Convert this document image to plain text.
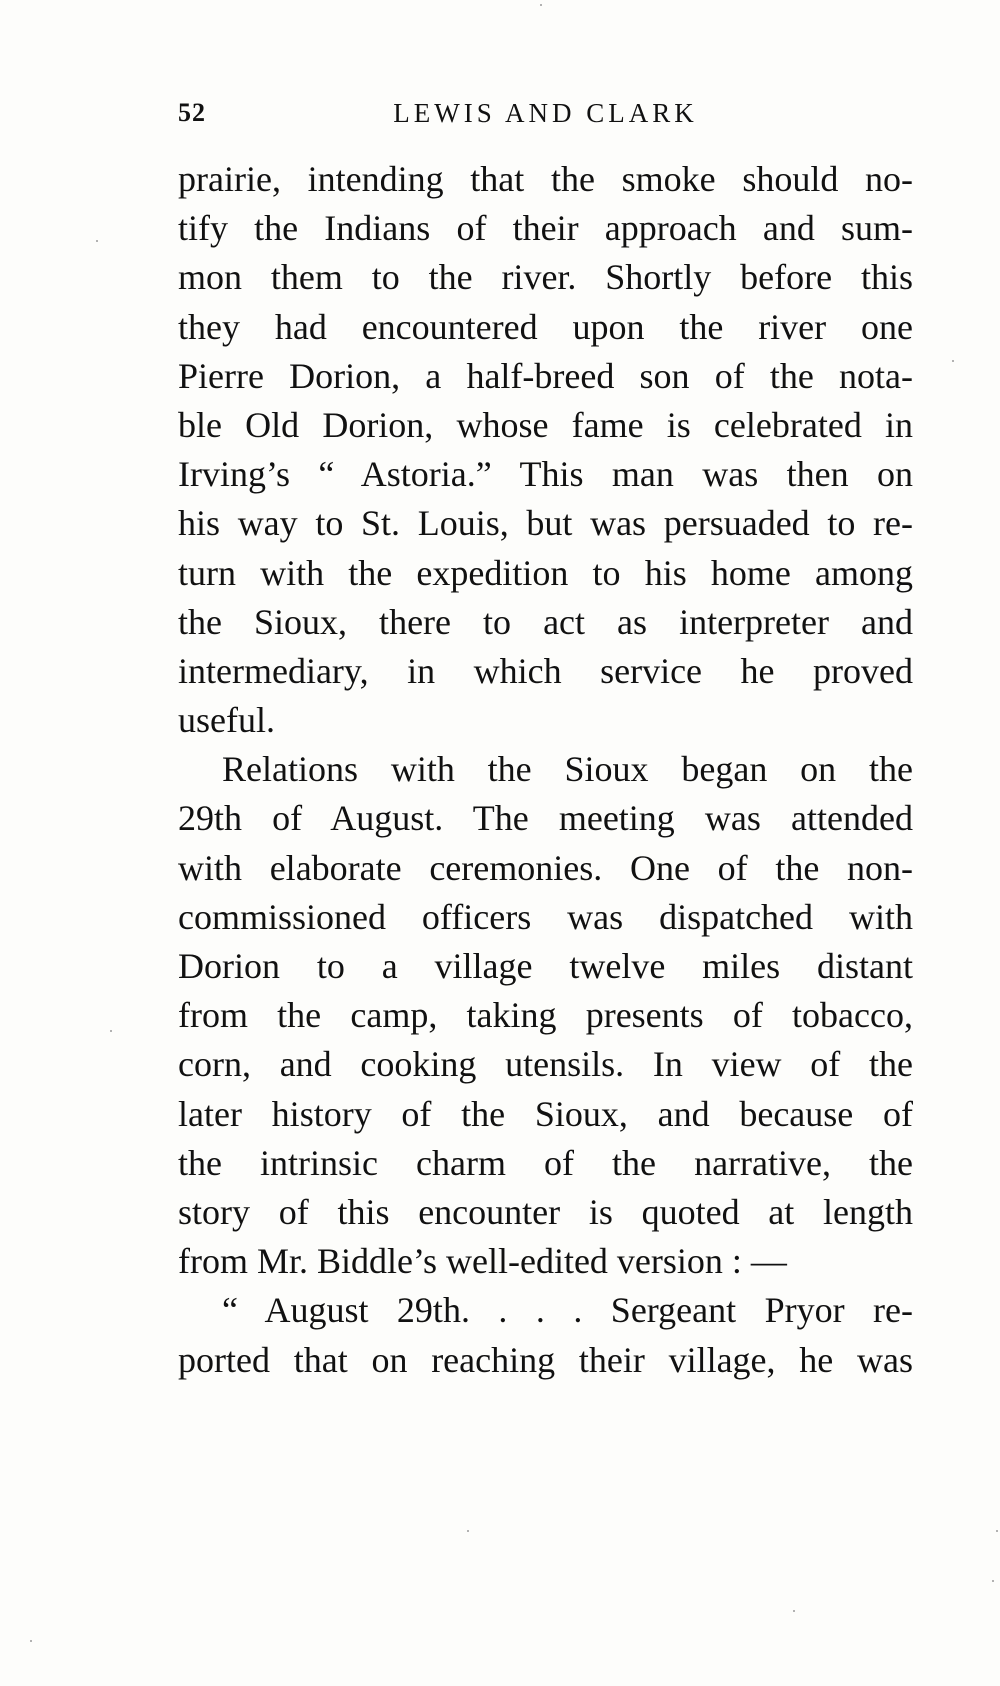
52	LEWIS AND CLARK

prairie, intending that the smoke should no-
tify the Indians of their approach and sum-
mon them to the river. Shortly before this
they had encountered upon the river one
Pierre Dorion, a half-breed son of the nota-
ble Old Dorion, whose fame is celebrated in
Irving’s “ Astoria.” This man was then on
his way to St. Louis, but was persuaded to re-
turn with the expedition to his home among
the Sioux, there to act as interpreter and
intermediary, in which service he proved
useful.

Relations with the Sioux began on the
29th of August. The meeting was attended
with elaborate ceremonies. One of the non-
commissioned officers was dispatched with
Dorion to a village twelve miles distant
from the camp, taking presents of tobacco,
corn, and cooking utensils. In view of the
later history of the Sioux, and because of
the intrinsic charm of the narrative, the
story of this encounter is quoted at length
from Mr. Biddle’s well-edited version : —

“ August 29th. . . . Sergeant Pryor re-
ported that on reaching their village, he was
